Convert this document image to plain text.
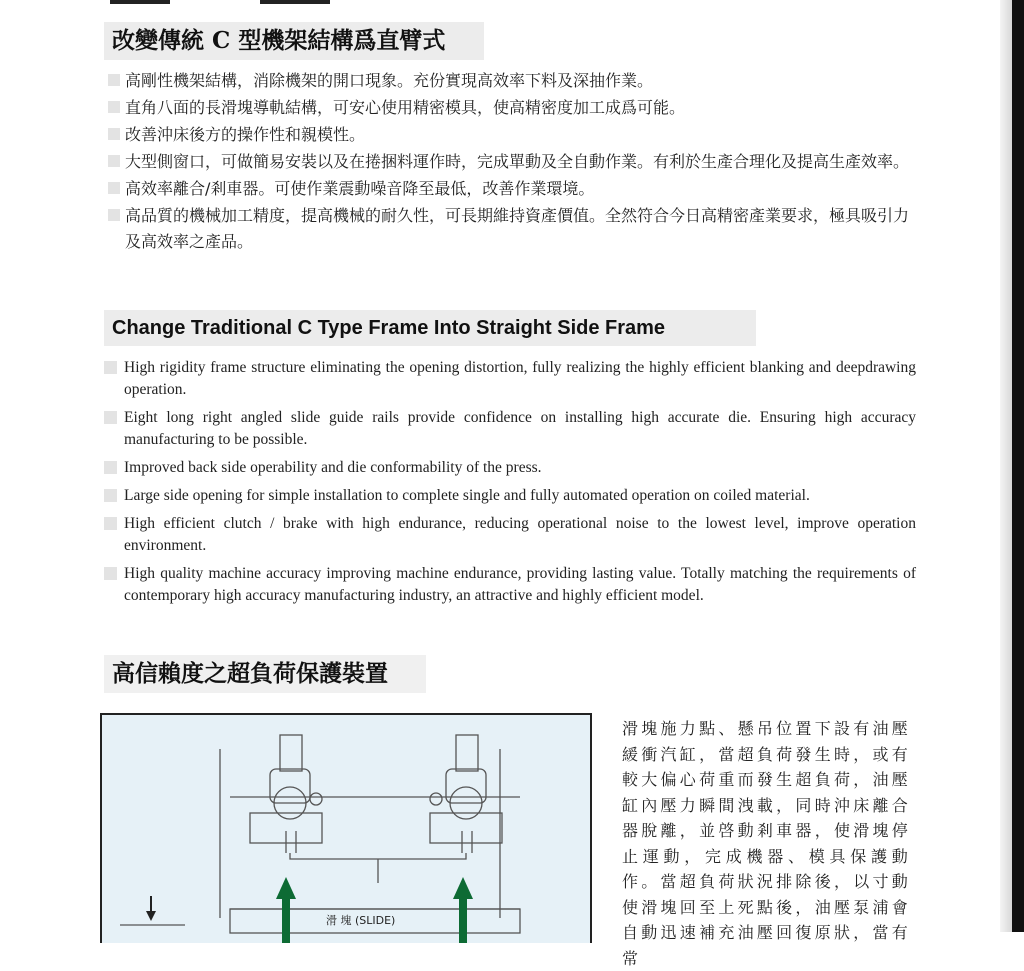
改變傳統 C 型機架結構爲直臂式
高剛性機架結構，消除機架的開口現象。充份實現高效率下料及深抽作業。
直角八面的長滑塊導軌結構，可安心使用精密模具，使高精密度加工成爲可能。
改善沖床後方的操作性和親模性。
大型側窗口，可做簡易安裝以及在捲捆料運作時，完成單動及全自動作業。有利於生產合理化及提高生產效率。
高效率離合/剎車器。可使作業震動噪音降至最低，改善作業環境。
高品質的機械加工精度，提高機械的耐久性，可長期維持資產價值。全然符合今日高精密產業要求，極具吸引力及高效率之產品。
Change Traditional C Type Frame Into Straight Side Frame
High rigidity frame structure eliminating the opening distortion, fully realizing the highly efficient blanking and deepdrawing operation.
Eight long right angled slide guide rails provide confidence on installing high accurate die. Ensuring high accuracy manufacturing to be possible.
Improved back side operability and die conformability of the press.
Large side opening for simple installation to complete single and fully automated operation on coiled material.
High efficient clutch / brake with high endurance, reducing operational noise to the lowest level, improve operation environment.
High quality machine accuracy improving machine endurance, providing lasting value. Totally matching the requirements of contemporary high accuracy manufacturing industry, an attractive and highly efficient model.
高信賴度之超負荷保護裝置
滑 塊 (SLIDE)
滑塊施力點、懸吊位置下設有油壓緩衝汽缸，當超負荷發生時，或有較大偏心荷重而發生超負荷，油壓缸內壓力瞬間洩載，同時沖床離合器脫離，並啓動剎車器，使滑塊停止運動，完成機器、模具保護動作。當超負荷狀況排除後，以寸動使滑塊回至上死點後，油壓泵浦會自動迅速補充油壓回復原狀，當有常
